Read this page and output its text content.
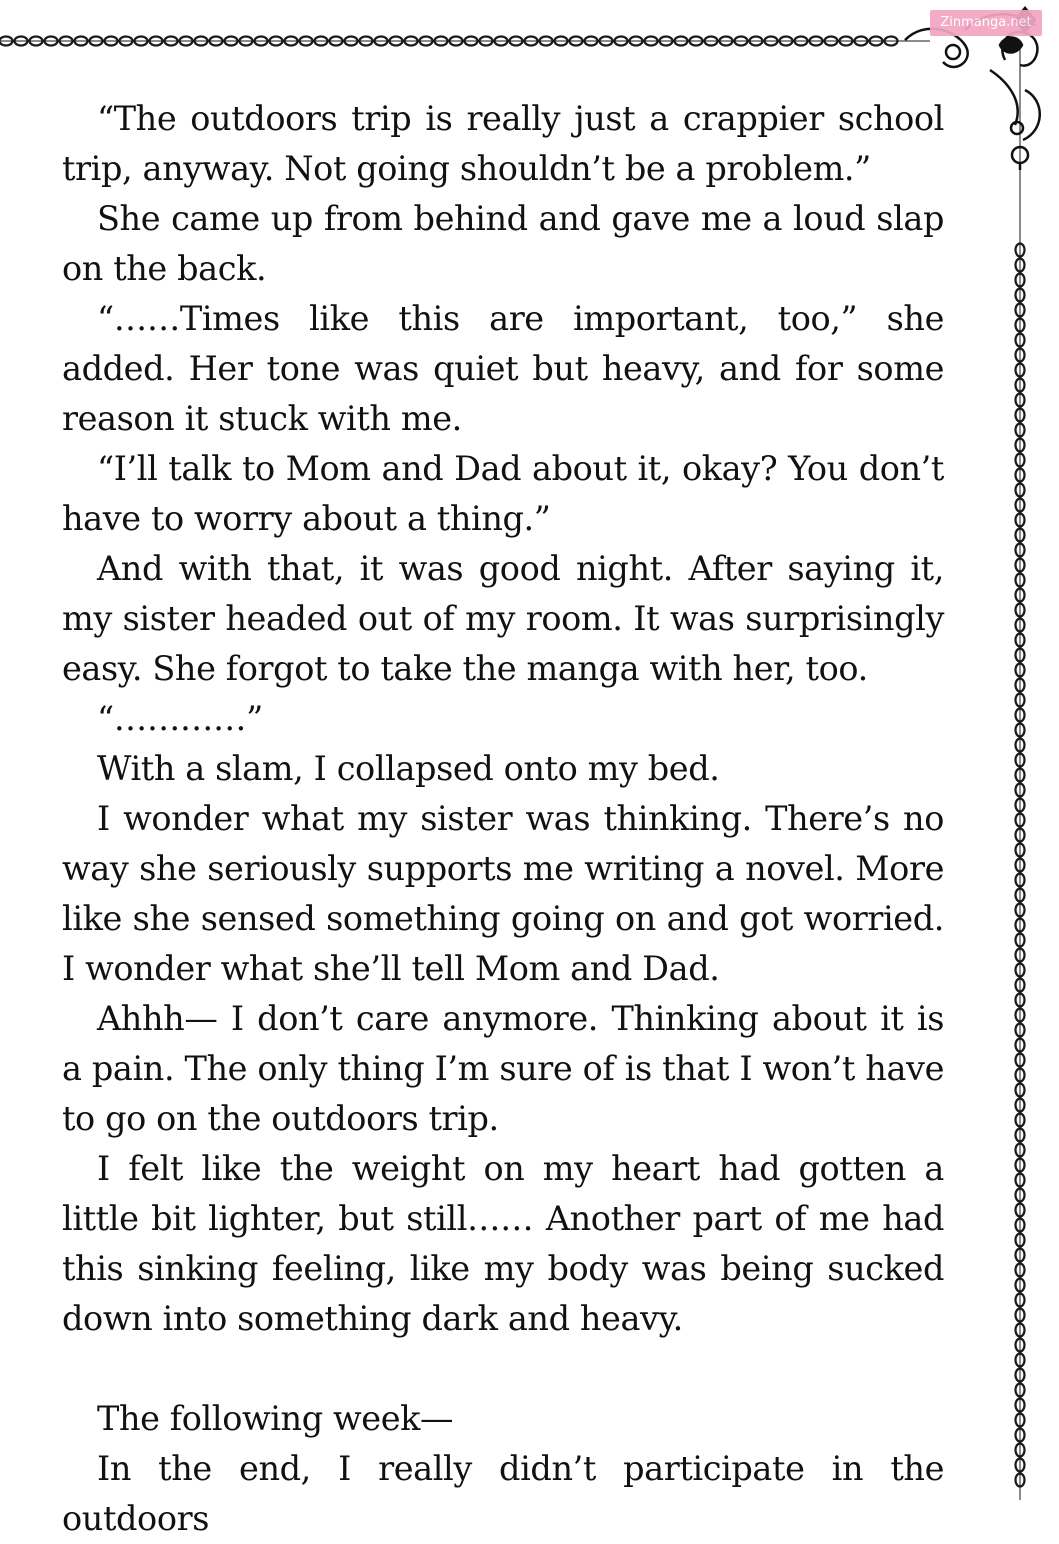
Zinmanga.net

“The outdoors trip is really just a crappier school trip, anyway. Not going shouldn’t be a problem.”

She came up from behind and gave me a loud slap on the back.

“……Times like this are important, too,” she added. Her tone was quiet but heavy, and for some reason it stuck with me.

“I’ll talk to Mom and Dad about it, okay? You don’t have to worry about a thing.”

And with that, it was good night. After saying it, my sister headed out of my room. It was surprisingly easy. She forgot to take the manga with her, too.

“…………”

With a slam, I collapsed onto my bed.

I wonder what my sister was thinking. There’s no way she seriously supports me writing a novel. More like she sensed something going on and got worried. I wonder what she’ll tell Mom and Dad.

Ahhh— I don’t care anymore. Thinking about it is a pain. The only thing I’m sure of is that I won’t have to go on the outdoors trip.

I felt like the weight on my heart had gotten a little bit lighter, but still…… Another part of me had this sinking feeling, like my body was being sucked down into something dark and heavy.

The following week—

In the end, I really didn’t participate in the outdoors
